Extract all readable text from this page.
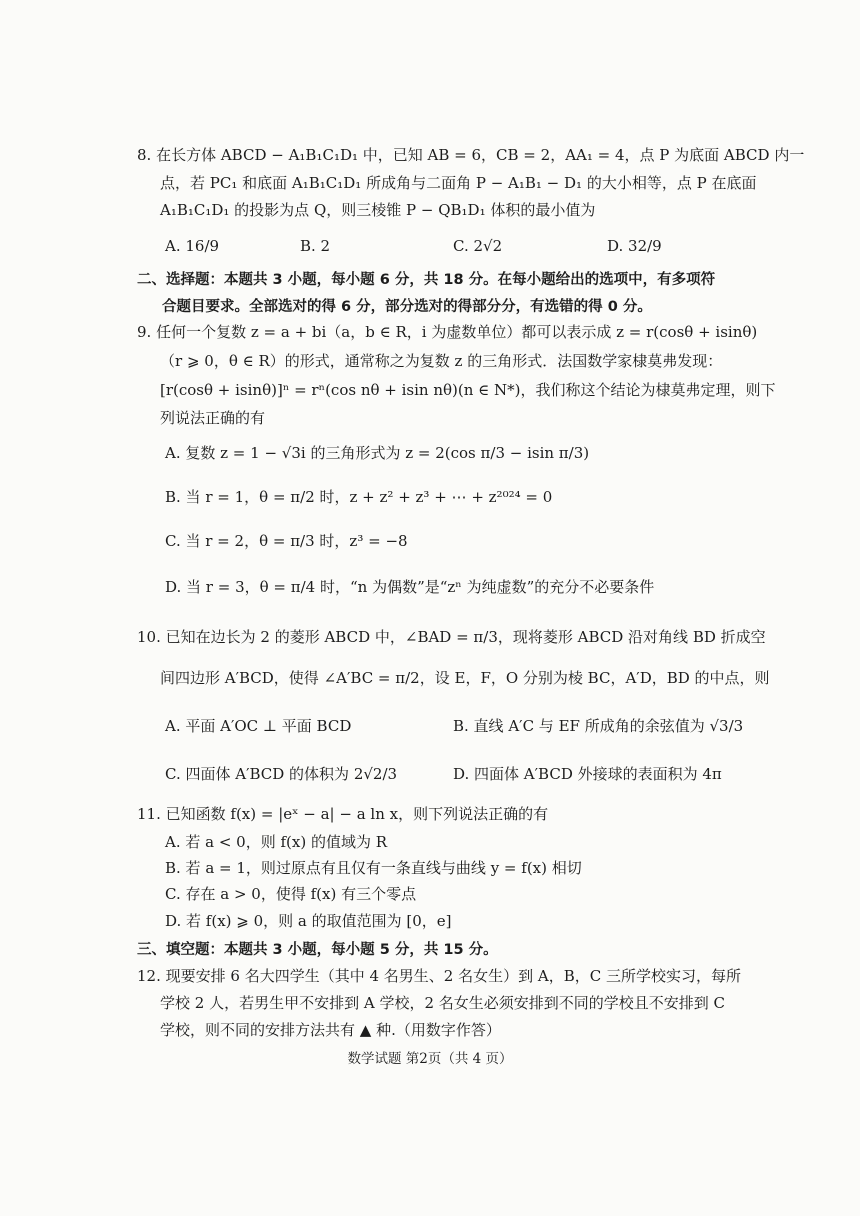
8. 在长方体 ABCD − A₁B₁C₁D₁ 中，已知 AB = 6，CB = 2，AA₁ = 4，点 P 为底面 ABCD 内一
点，若 PC₁ 和底面 A₁B₁C₁D₁ 所成角与二面角 P − A₁B₁ − D₁ 的大小相等，点 P 在底面
A₁B₁C₁D₁ 的投影为点 Q，则三棱锥 P − QB₁D₁ 体积的最小值为
A. 16/9	B. 2	C. 2√2	D. 32/9
二、选择题：本题共 3 小题，每小题 6 分，共 18 分。在每小题给出的选项中，有多项符
合题目要求。全部选对的得 6 分，部分选对的得部分分，有选错的得 0 分。
9. 任何一个复数 z = a + bi（a，b ∈ R，i 为虚数单位）都可以表示成 z = r(cosθ + isinθ)
（r ⩾ 0，θ ∈ R）的形式，通常称之为复数 z 的三角形式．法国数学家棣莫弗发现：
[r(cosθ + isinθ)]ⁿ = rⁿ(cos nθ + isin nθ)(n ∈ N*)，我们称这个结论为棣莫弗定理，则下
列说法正确的有
A. 复数 z = 1 − √3i 的三角形式为 z = 2(cos π/3 − isin π/3)
B. 当 r = 1，θ = π/2 时，z + z² + z³ + ⋯ + z²⁰²⁴ = 0
C. 当 r = 2，θ = π/3 时，z³ = −8
D. 当 r = 3，θ = π/4 时，“n 为偶数”是“zⁿ 为纯虚数”的充分不必要条件
10. 已知在边长为 2 的菱形 ABCD 中，∠BAD = π/3，现将菱形 ABCD 沿对角线 BD 折成空
间四边形 A′BCD，使得 ∠A′BC = π/2，设 E，F，O 分别为棱 BC，A′D，BD 的中点，则
A. 平面 A′OC ⊥ 平面 BCD	B. 直线 A′C 与 EF 所成角的余弦值为 √3/3
C. 四面体 A′BCD 的体积为 2√2/3	D. 四面体 A′BCD 外接球的表面积为 4π
11. 已知函数 f(x) = |eˣ − a| − a ln x，则下列说法正确的有
A. 若 a < 0，则 f(x) 的值域为 R
B. 若 a = 1，则过原点有且仅有一条直线与曲线 y = f(x) 相切
C. 存在 a > 0，使得 f(x) 有三个零点
D. 若 f(x) ⩾ 0，则 a 的取值范围为 [0，e]
三、填空题：本题共 3 小题，每小题 5 分，共 15 分。
12. 现要安排 6 名大四学生（其中 4 名男生、2 名女生）到 A，B，C 三所学校实习，每所
学校 2 人，若男生甲不安排到 A 学校，2 名女生必须安排到不同的学校且不安排到 C
学校，则不同的安排方法共有 ▲ 种.（用数字作答）
数学试题 第2页（共 4 页）
